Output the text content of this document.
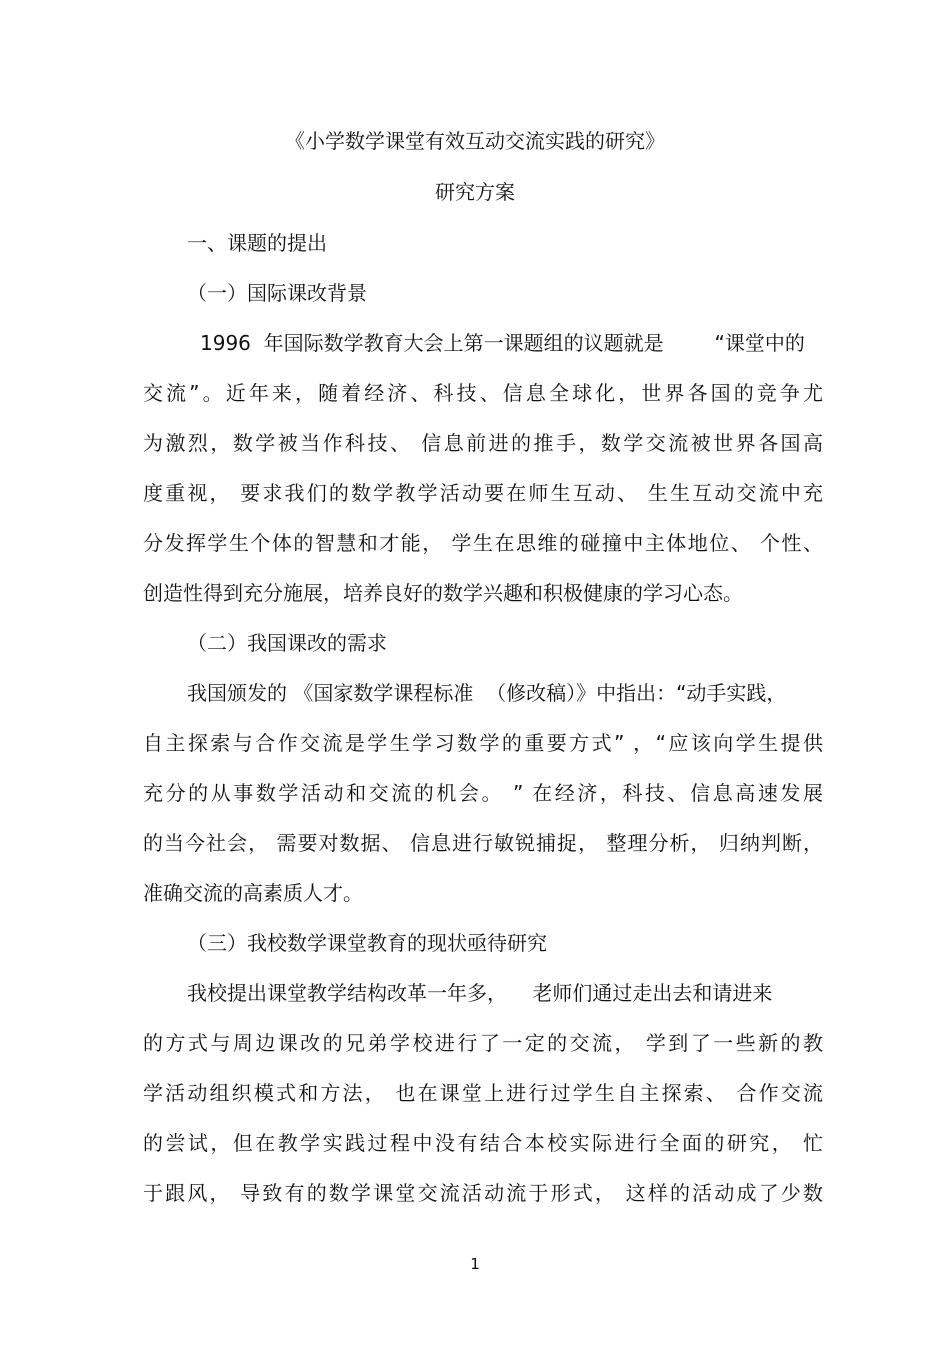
《小学数学课堂有效互动交流实践的研究》
研究方案
一、课题的提出
（一）国际课改背景
1996  年国际数学教育大会上第一课题组的议题就是        “课堂中的
交流”。近年来，随着经济、科技、信息全球化，世界各国的竞争尤
为激烈，数学被当作科技、 信息前进的推手，数学交流被世界各国高
度重视， 要求我们的数学教学活动要在师生互动、 生生互动交流中充
分发挥学生个体的智慧和才能， 学生在思维的碰撞中主体地位、 个性、
创造性得到充分施展，培养良好的数学兴趣和积极健康的学习心态。
（二）我国课改的需求
我国颁发的 《国家数学课程标准  （修改稿）》中指出：“动手实践，
自主探索与合作交流是学生学习数学的重要方式” ，“应该向学生提供
充分的从事数学活动和交流的机会。 ” 在经济，科技、信息高速发展
的当今社会， 需要对数据、 信息进行敏锐捕捉， 整理分析， 归纳判断，
准确交流的高素质人才。
（三）我校数学课堂教育的现状亟待研究
我校提出课堂教学结构改革一年多，    老师们通过走出去和请进来
的方式与周边课改的兄弟学校进行了一定的交流， 学到了一些新的教
学活动组织模式和方法， 也在课堂上进行过学生自主探索、 合作交流
的尝试，但在教学实践过程中没有结合本校实际进行全面的研究， 忙
于跟风， 导致有的数学课堂交流活动流于形式， 这样的活动成了少数
1
